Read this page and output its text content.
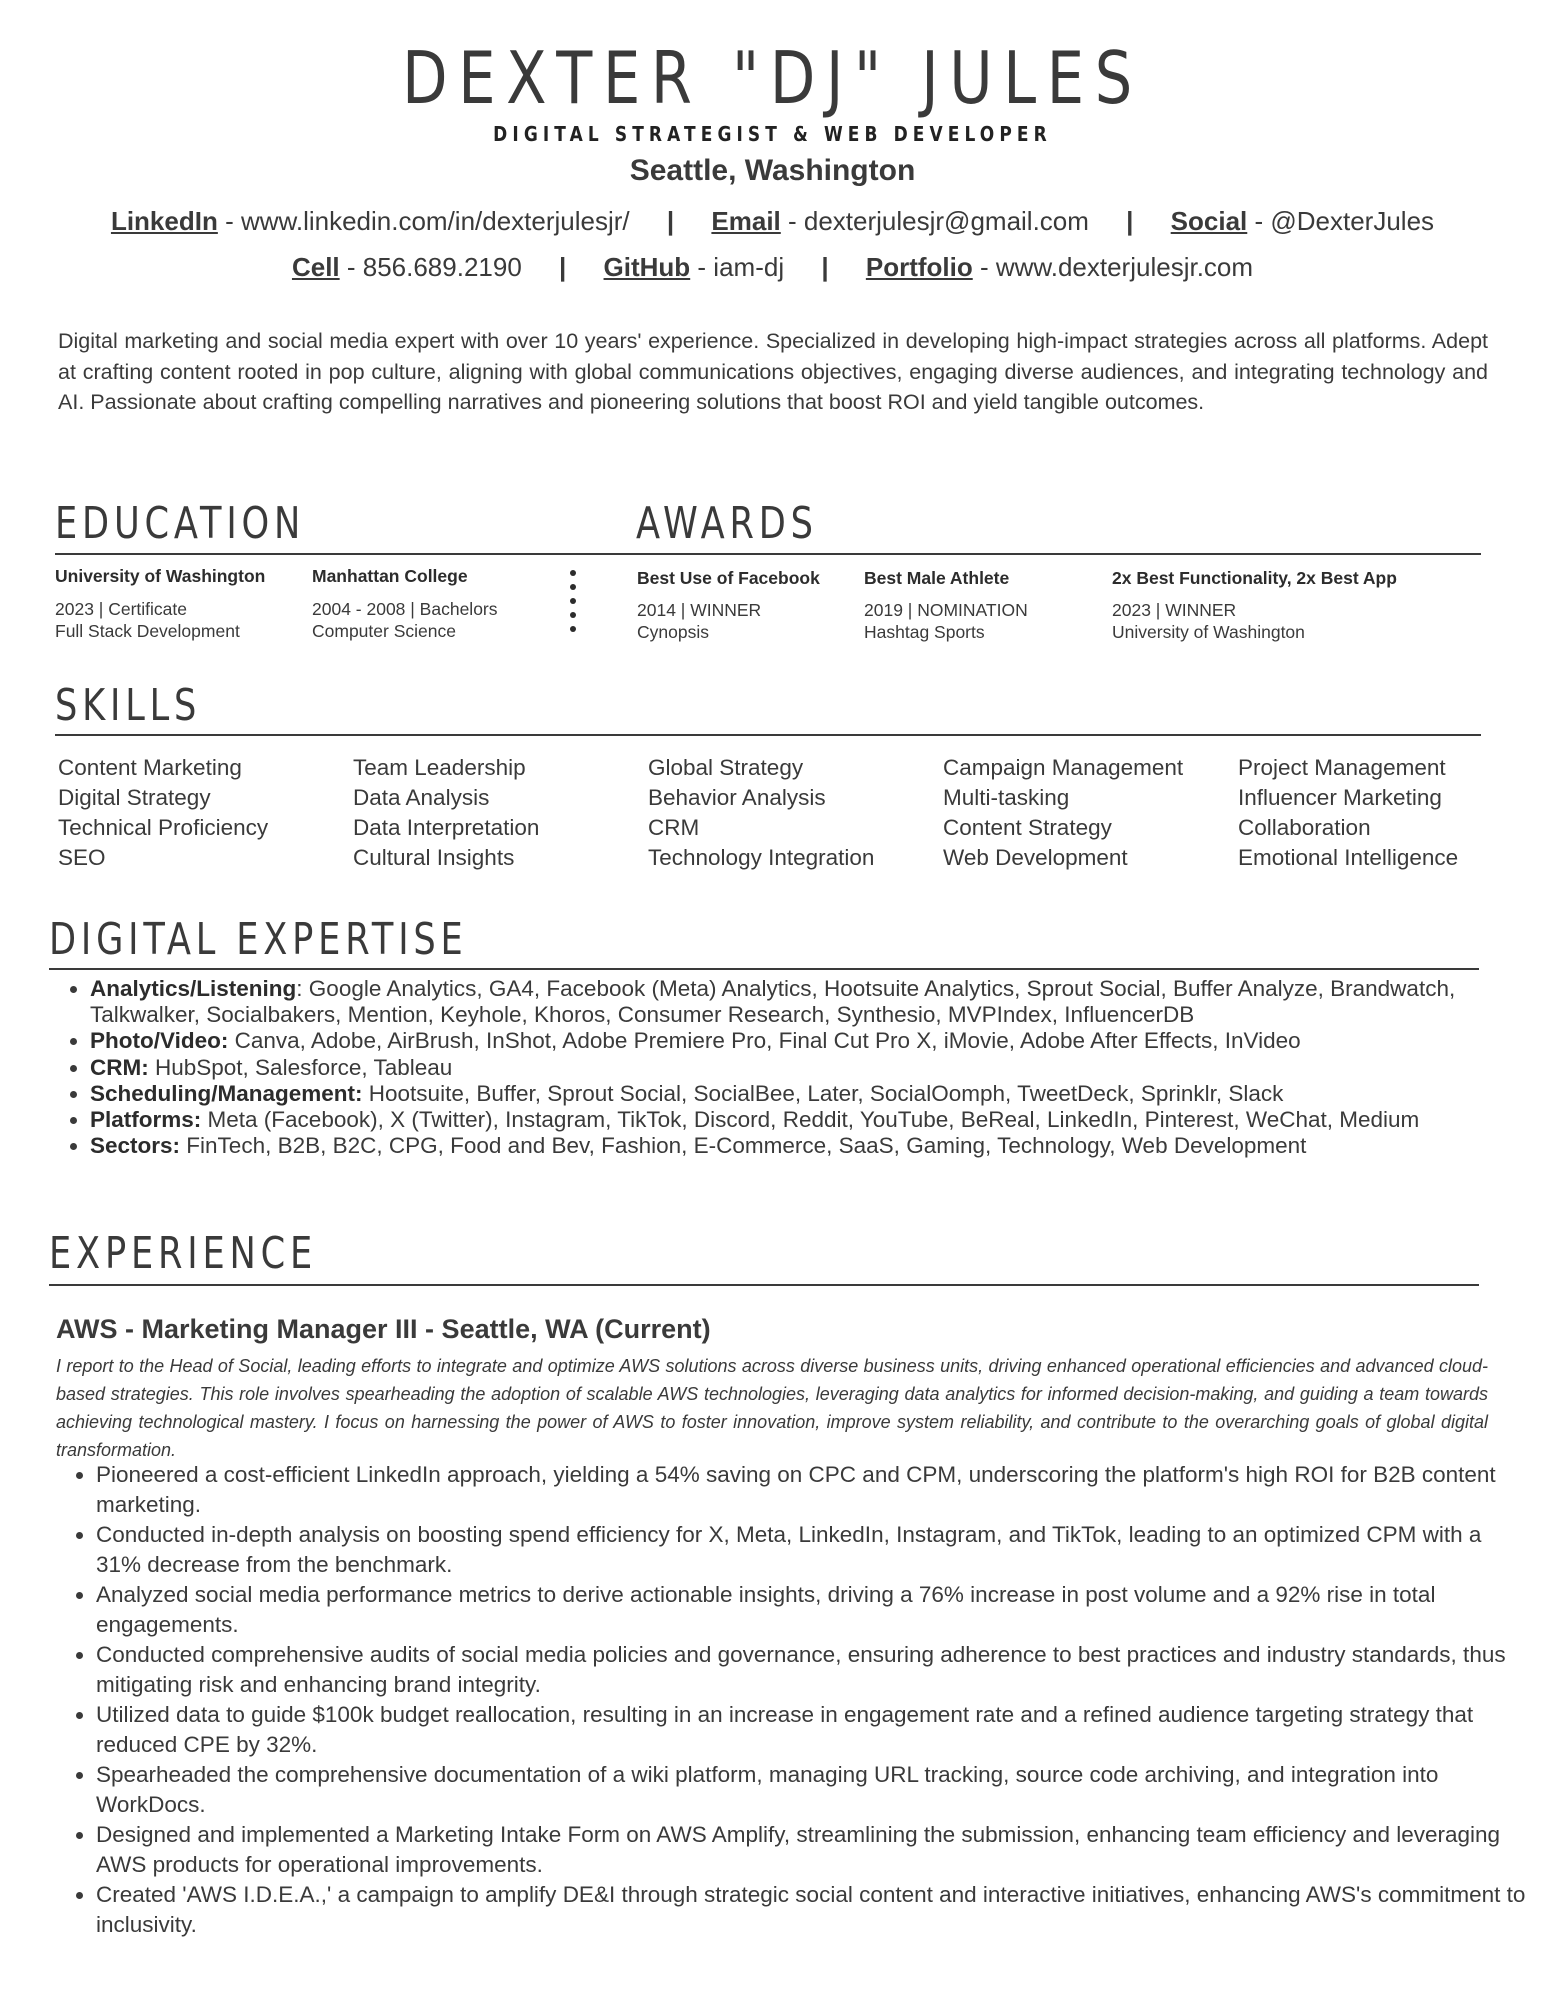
DEXTER "DJ" JULES
DIGITAL STRATEGIST & WEB DEVELOPER
Seattle, Washington
LinkedIn - www.linkedin.com/in/dexterjulesjr/ | Email - dexterjulesjr@gmail.com | Social - @DexterJules
Cell - 856.689.2190 | GitHub - iam-dj | Portfolio - www.dexterjulesjr.com
Digital marketing and social media expert with over 10 years' experience. Specialized in developing high-impact strategies across all platforms. Adept at crafting content rooted in pop culture, aligning with global communications objectives, engaging diverse audiences, and integrating technology and AI. Passionate about crafting compelling narratives and pioneering solutions that boost ROI and yield tangible outcomes.
EDUCATION	AWARDS
University of Washington
2023 | Certificate
Full Stack Development
Manhattan College
2004 - 2008 | Bachelors
Computer Science
Best Use of Facebook
2014 | WINNER
Cynopsis
Best Male Athlete
2019 | NOMINATION
Hashtag Sports
2x Best Functionality, 2x Best App
2023 | WINNER
University of Washington
SKILLS
Content Marketing
Digital Strategy
Technical Proficiency
SEO
Team Leadership
Data Analysis
Data Interpretation
Cultural Insights
Global Strategy
Behavior Analysis
CRM
Technology Integration
Campaign Management
Multi-tasking
Content Strategy
Web Development
Project Management
Influencer Marketing
Collaboration
Emotional Intelligence
DIGITAL EXPERTISE
• Analytics/Listening: Google Analytics, GA4, Facebook (Meta) Analytics, Hootsuite Analytics, Sprout Social, Buffer Analyze, Brandwatch, Talkwalker, Socialbakers, Mention, Keyhole, Khoros, Consumer Research, Synthesio, MVPIndex, InfluencerDB
• Photo/Video: Canva, Adobe, AirBrush, InShot, Adobe Premiere Pro, Final Cut Pro X, iMovie, Adobe After Effects, InVideo
• CRM: HubSpot, Salesforce, Tableau
• Scheduling/Management: Hootsuite, Buffer, Sprout Social, SocialBee, Later, SocialOomph, TweetDeck, Sprinklr, Slack
• Platforms: Meta (Facebook), X (Twitter), Instagram, TikTok, Discord, Reddit, YouTube, BeReal, LinkedIn, Pinterest, WeChat, Medium
• Sectors: FinTech, B2B, B2C, CPG, Food and Bev, Fashion, E-Commerce, SaaS, Gaming, Technology, Web Development
EXPERIENCE
AWS - Marketing Manager III - Seattle, WA (Current)
I report to the Head of Social, leading efforts to integrate and optimize AWS solutions across diverse business units, driving enhanced operational efficiencies and advanced cloud-based strategies. This role involves spearheading the adoption of scalable AWS technologies, leveraging data analytics for informed decision-making, and guiding a team towards achieving technological mastery. I focus on harnessing the power of AWS to foster innovation, improve system reliability, and contribute to the overarching goals of global digital transformation.
• Pioneered a cost-efficient LinkedIn approach, yielding a 54% saving on CPC and CPM, underscoring the platform's high ROI for B2B content marketing.
• Conducted in-depth analysis on boosting spend efficiency for X, Meta, LinkedIn, Instagram, and TikTok, leading to an optimized CPM with a 31% decrease from the benchmark.
• Analyzed social media performance metrics to derive actionable insights, driving a 76% increase in post volume and a 92% rise in total engagements.
• Conducted comprehensive audits of social media policies and governance, ensuring adherence to best practices and industry standards, thus mitigating risk and enhancing brand integrity.
• Utilized data to guide $100k budget reallocation, resulting in an increase in engagement rate and a refined audience targeting strategy that reduced CPE by 32%.
• Spearheaded the comprehensive documentation of a wiki platform, managing URL tracking, source code archiving, and integration into WorkDocs.
• Designed and implemented a Marketing Intake Form on AWS Amplify, streamlining the submission, enhancing team efficiency and leveraging AWS products for operational improvements.
• Created 'AWS I.D.E.A.,' a campaign to amplify DE&I through strategic social content and interactive initiatives, enhancing AWS's commitment to inclusivity.
